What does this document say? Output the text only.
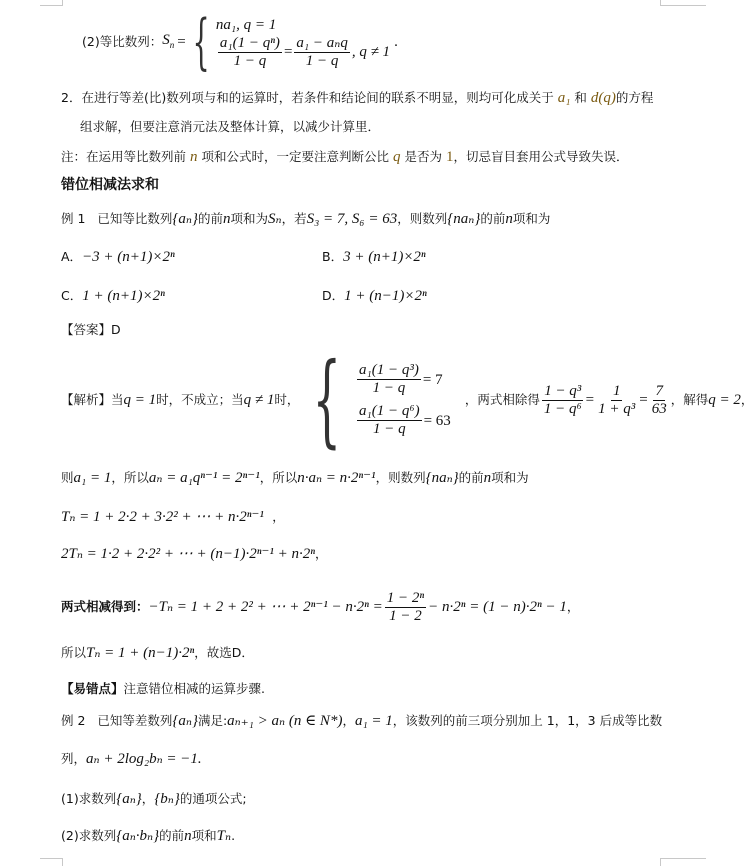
(2)等比数列： $S_n$ = { na₁, q = 1
$\frac{\text{a₁(1 − qⁿ)}}{1 - q} = \frac{\text{a₁ − aₙq}}{1 - q}$ , q ≠ 1
.
2．在进行等差(比)数列项与和的运算时，若条件和结论间的联系不明显，则均可化成关于 a₁ 和 d(q)的方程
组求解，但要注意消元法及整体计算，以减少计算里．
注：在运用等比数列前 n 项和公式时，一定要注意判断公比 q 是否为 1，切忌盲目套用公式导致失误．
错位相减法求和
例 1 已知等比数列{aₙ}的前n项和为Sₙ，若S₃ = 7, S₆ = 63，则数列{naₙ}的前n项和为
A．−3 + (n+1)×2ⁿ	B．3 + (n+1)×2ⁿ
C．1 + (n+1)×2ⁿ	D．1 + (n−1)×2ⁿ
【答案】D
【解析】 当 q = 1 时，不成立；当 q ≠ 1 时， { $\frac{\text{a₁(1 − q³)}}{1 - q} = 7$
$\frac{\text{a₁(1 − q⁶)}}{1 - q} = 63$
，两式相除得 $\frac{\text{1 − q³}}{\text{1 − q⁶}} = \frac{1}{\text{1 + q³}} = \frac{7}{63}$ ，解得 q = 2 ，
则a₁ = 1，所以aₙ = a₁qⁿ⁻¹ = 2ⁿ⁻¹，所以n·aₙ = n·2ⁿ⁻¹，则数列{naₙ}的前n项和为
Tₙ = 1 + 2·2 + 3·2² + ⋯ + n·2ⁿ⁻¹ ，
2Tₙ = 1·2 + 2·2² + ⋯ + (n−1)·2ⁿ⁻¹ + n·2ⁿ，
两式相减得到： −Tₙ = 1 + 2 + 2² + ⋯ + $2^{n-1} - n\cdot 2^n = \frac{\text{1 − 2ⁿ}}{1 - 2} - n\cdot 2^n = (1 - n)\cdot 2^n - 1$ ，
所以Tₙ = 1 + (n−1)·2ⁿ，故选D．
【易错点】注意错位相减的运算步骤.
例 2 已知等差数列{aₙ}满足:aₙ₊₁ > aₙ (n ∈ N*)，a₁ = 1，该数列的前三项分别加上 1，1，3 后成等比数
列，aₙ + 2log₂bₙ = −1.
(1)求数列{aₙ}，{bₙ}的通项公式;
(2)求数列{aₙ·bₙ}的前n项和Tₙ.
